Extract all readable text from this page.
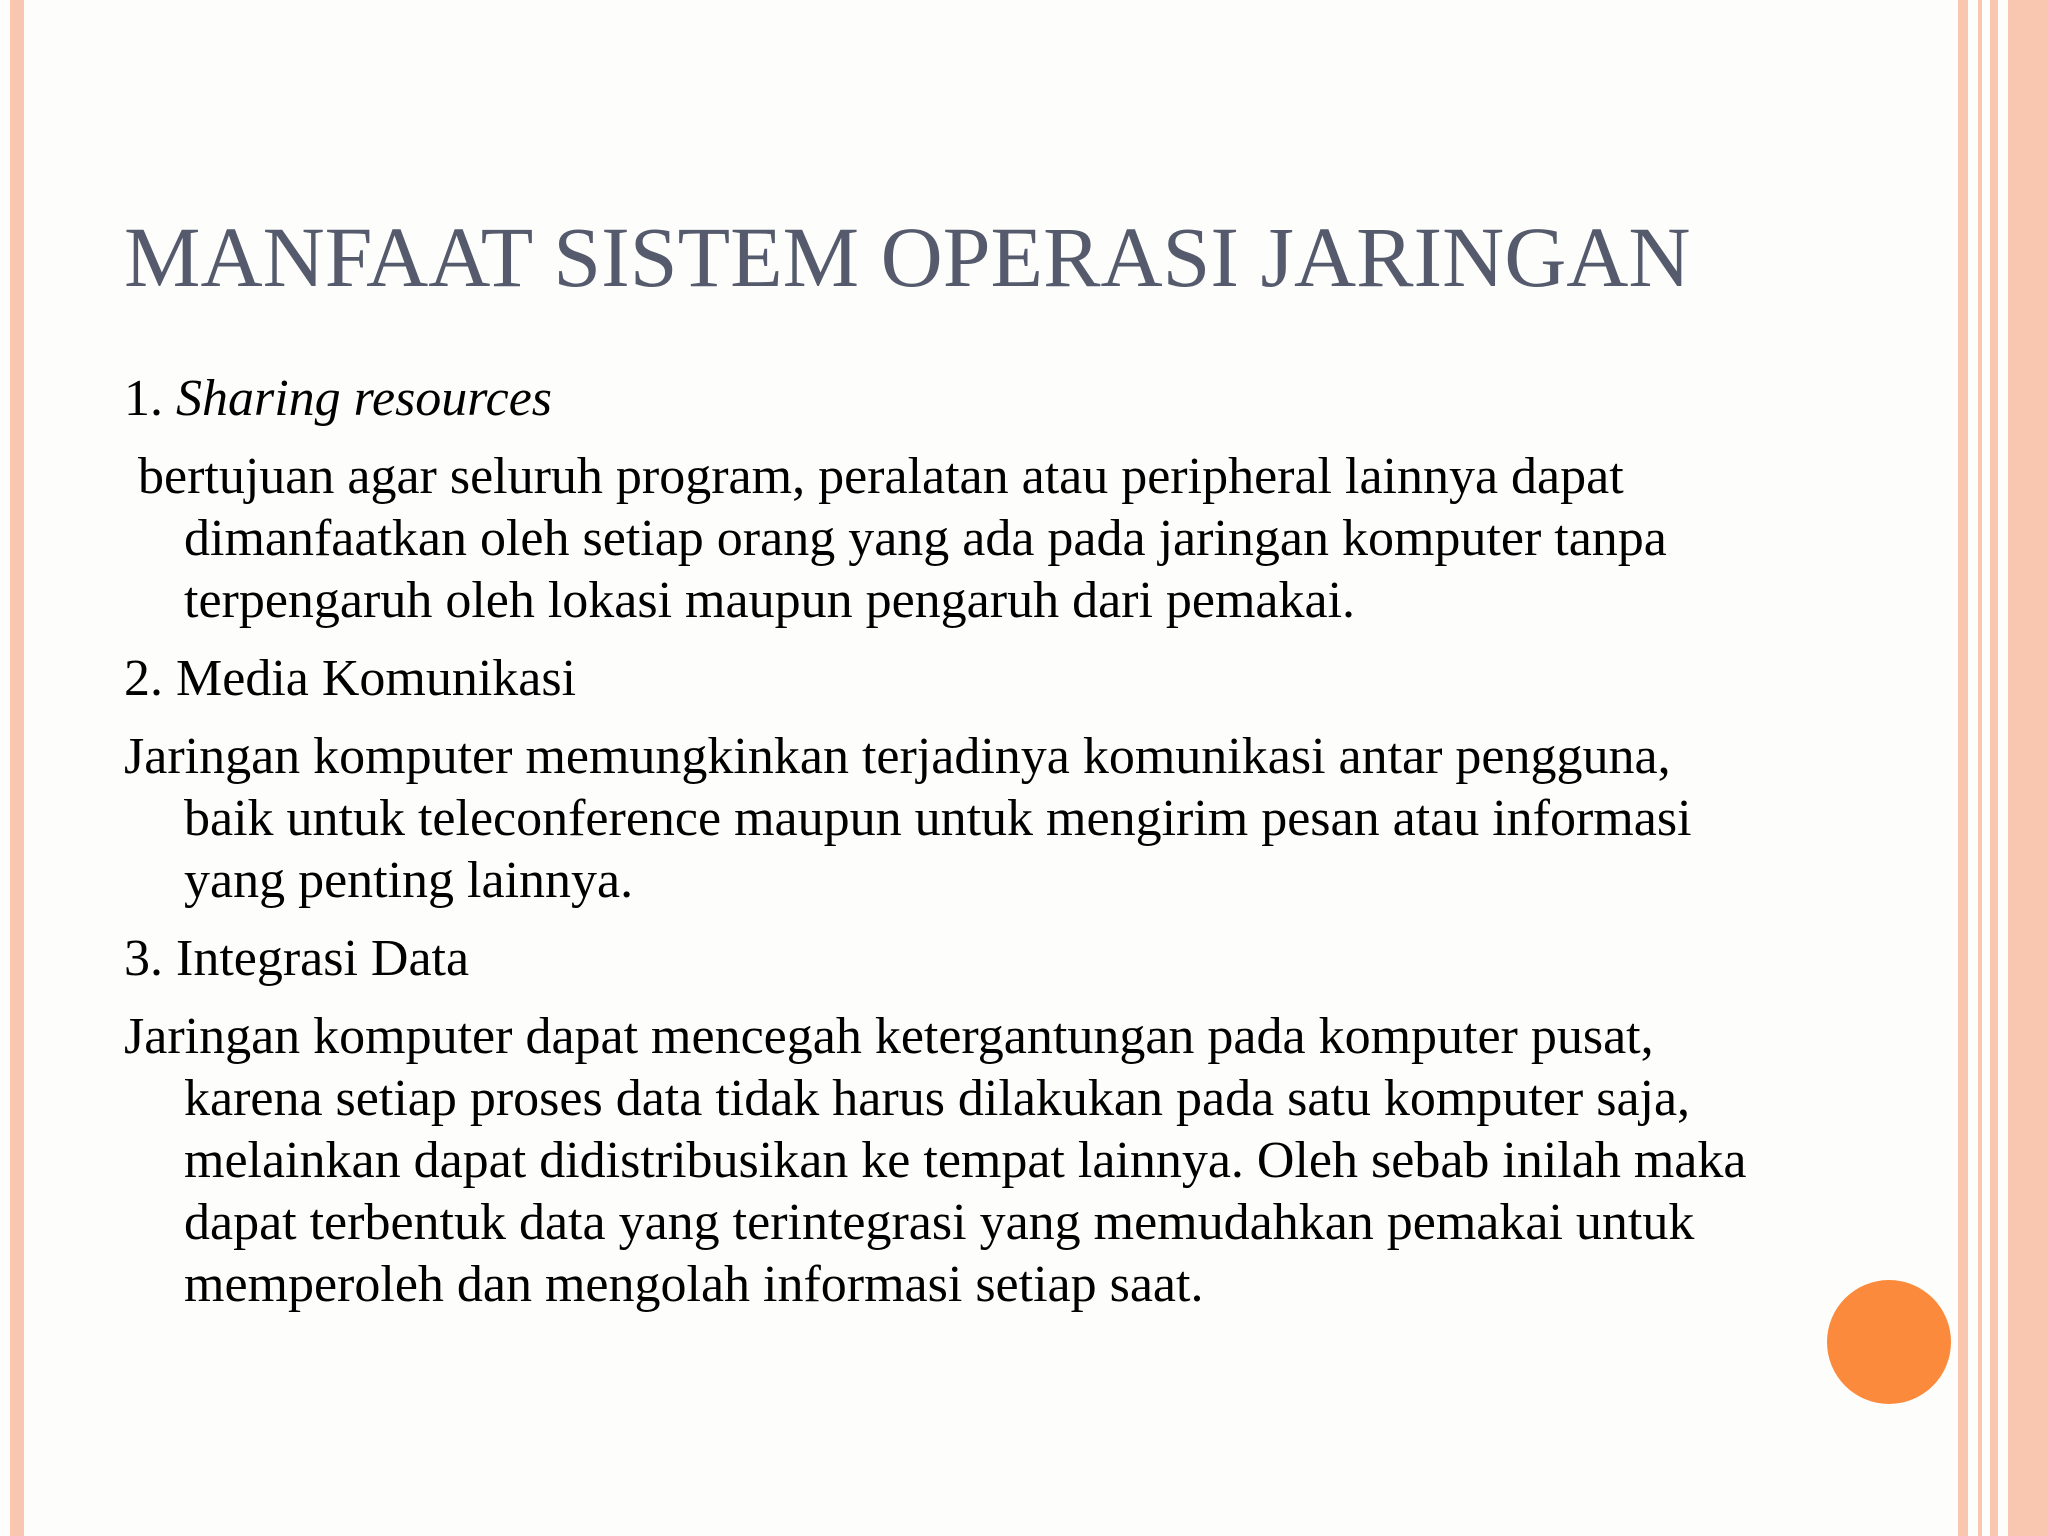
MANFAAT SISTEM OPERASI JARINGAN

1. Sharing resources

bertujuan agar seluruh program, peralatan atau peripheral lainnya dapat dimanfaatkan oleh setiap orang yang ada pada jaringan komputer tanpa terpengaruh oleh lokasi maupun pengaruh dari pemakai.

2. Media Komunikasi

Jaringan komputer memungkinkan terjadinya komunikasi antar pengguna, baik untuk teleconference maupun untuk mengirim pesan atau informasi yang penting lainnya.

3. Integrasi Data

Jaringan komputer dapat mencegah ketergantungan pada komputer pusat, karena setiap proses data tidak harus dilakukan pada satu komputer saja, melainkan dapat didistribusikan ke tempat lainnya. Oleh sebab inilah maka dapat terbentuk data yang terintegrasi yang memudahkan pemakai untuk memperoleh dan mengolah informasi setiap saat.
